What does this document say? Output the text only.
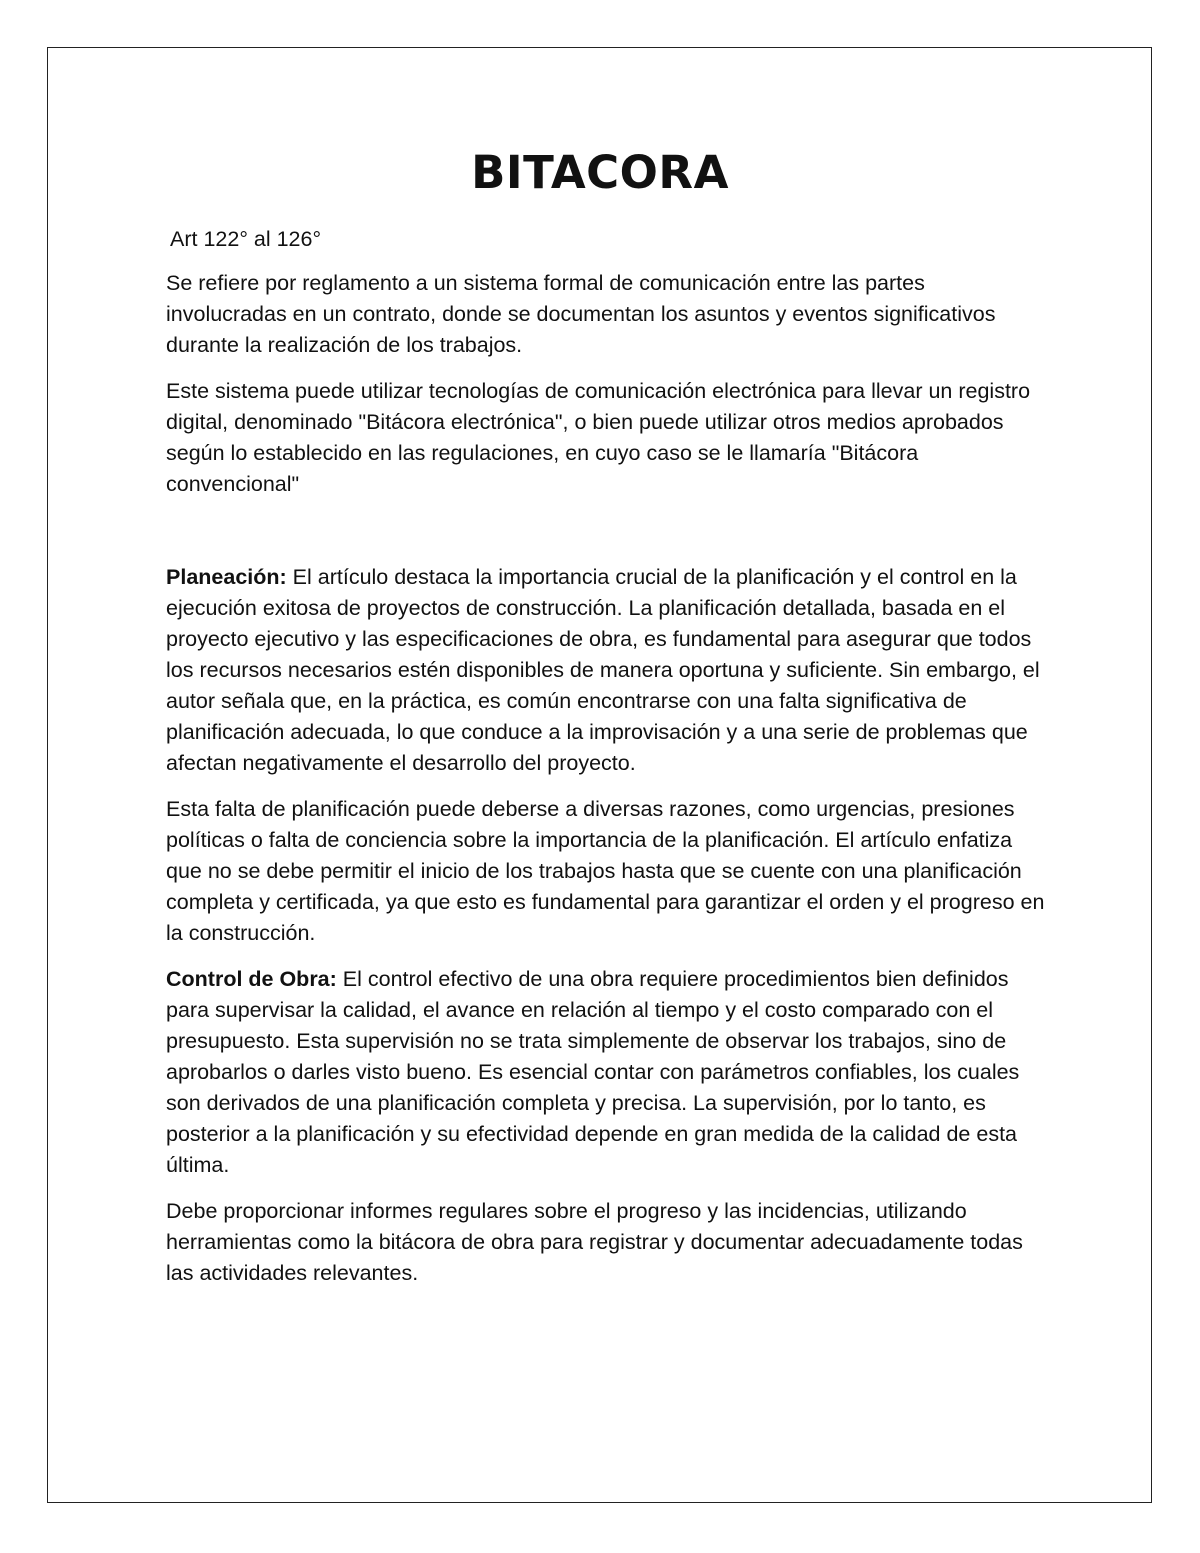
BITACORA

Art 122° al 126°

Se refiere por reglamento a un sistema formal de comunicación entre las partes involucradas en un contrato, donde se documentan los asuntos y eventos significativos durante la realización de los trabajos.

Este sistema puede utilizar tecnologías de comunicación electrónica para llevar un registro digital, denominado "Bitácora electrónica", o bien puede utilizar otros medios aprobados según lo establecido en las regulaciones, en cuyo caso se le llamaría "Bitácora convencional"

Planeación: El artículo destaca la importancia crucial de la planificación y el control en la ejecución exitosa de proyectos de construcción. La planificación detallada, basada en el proyecto ejecutivo y las especificaciones de obra, es fundamental para asegurar que todos los recursos necesarios estén disponibles de manera oportuna y suficiente. Sin embargo, el autor señala que, en la práctica, es común encontrarse con una falta significativa de planificación adecuada, lo que conduce a la improvisación y a una serie de problemas que afectan negativamente el desarrollo del proyecto.

Esta falta de planificación puede deberse a diversas razones, como urgencias, presiones políticas o falta de conciencia sobre la importancia de la planificación. El artículo enfatiza que no se debe permitir el inicio de los trabajos hasta que se cuente con una planificación completa y certificada, ya que esto es fundamental para garantizar el orden y el progreso en la construcción.

Control de Obra: El control efectivo de una obra requiere procedimientos bien definidos para supervisar la calidad, el avance en relación al tiempo y el costo comparado con el presupuesto. Esta supervisión no se trata simplemente de observar los trabajos, sino de aprobarlos o darles visto bueno. Es esencial contar con parámetros confiables, los cuales son derivados de una planificación completa y precisa. La supervisión, por lo tanto, es posterior a la planificación y su efectividad depende en gran medida de la calidad de esta última.

Debe proporcionar informes regulares sobre el progreso y las incidencias, utilizando herramientas como la bitácora de obra para registrar y documentar adecuadamente todas las actividades relevantes.
